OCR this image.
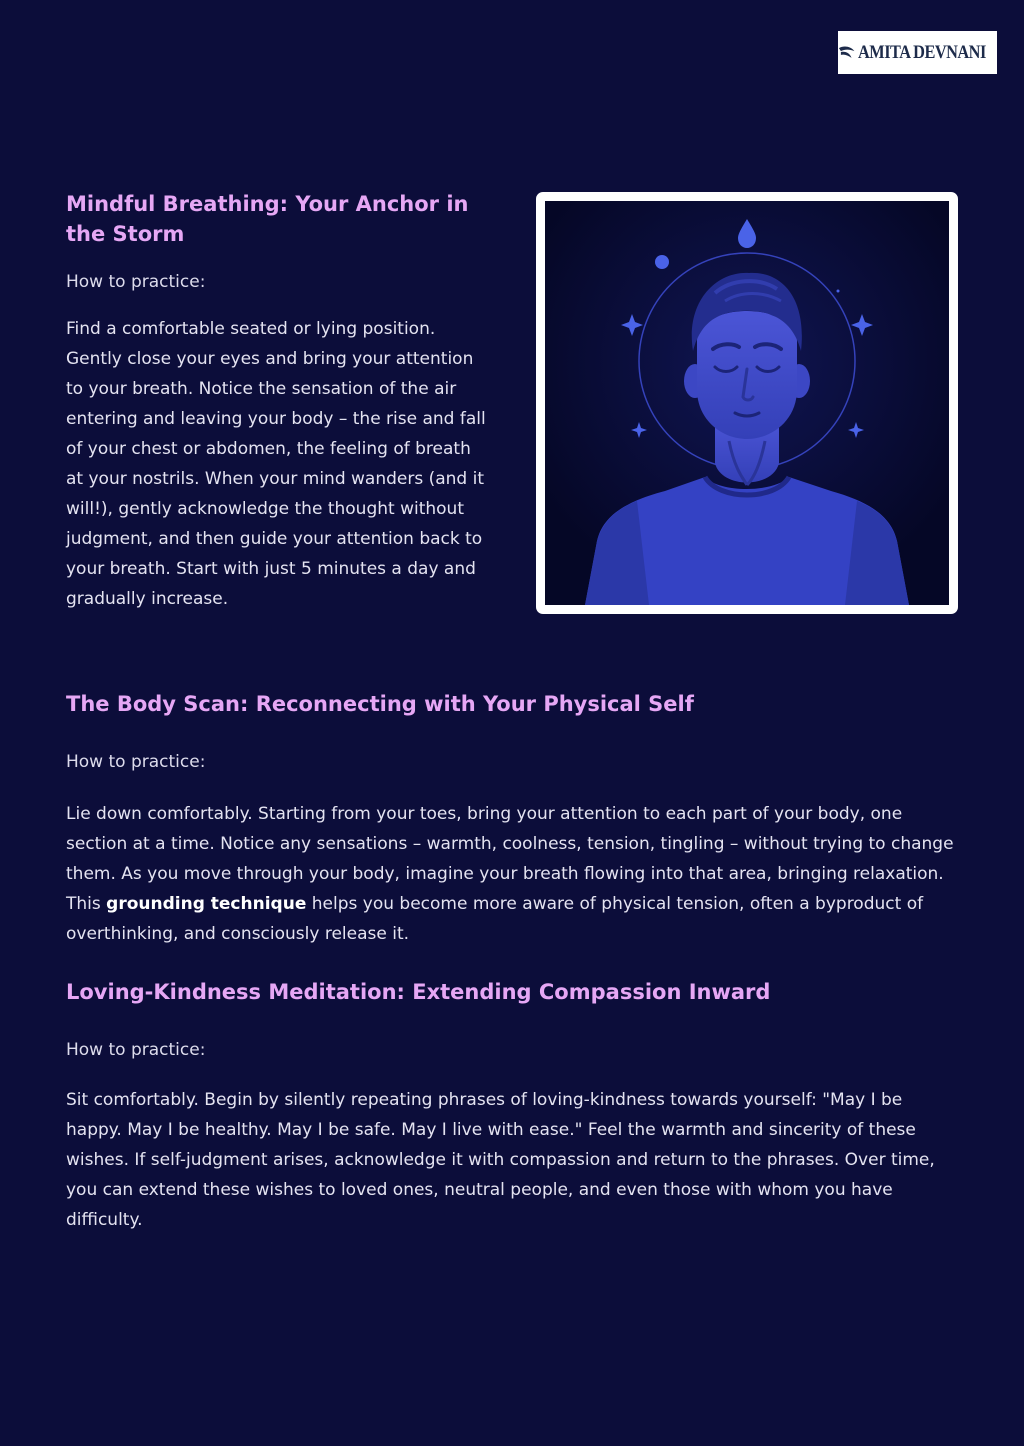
AMITA DEVNANI
Mindful Breathing: Your Anchor in the Storm

How to practice:

Find a comfortable seated or lying position. Gently close your eyes and bring your attention to your breath. Notice the sensation of the air entering and leaving your body – the rise and fall of your chest or abdomen, the feeling of breath at your nostrils. When your mind wanders (and it will!), gently acknowledge the thought without judgment, and then guide your attention back to your breath. Start with just 5 minutes a day and gradually increase.

The Body Scan: Reconnecting with Your Physical Self

How to practice:

Lie down comfortably. Starting from your toes, bring your attention to each part of your body, one section at a time. Notice any sensations – warmth, coolness, tension, tingling – without trying to change them. As you move through your body, imagine your breath flowing into that area, bringing relaxation. This grounding technique helps you become more aware of physical tension, often a byproduct of overthinking, and consciously release it.

Loving-Kindness Meditation: Extending Compassion Inward

How to practice:

Sit comfortably. Begin by silently repeating phrases of loving-kindness towards yourself: "May I be happy. May I be healthy. May I be safe. May I live with ease." Feel the warmth and sincerity of these wishes. If self-judgment arises, acknowledge it with compassion and return to the phrases. Over time, you can extend these wishes to loved ones, neutral people, and even those with whom you have difficulty.
